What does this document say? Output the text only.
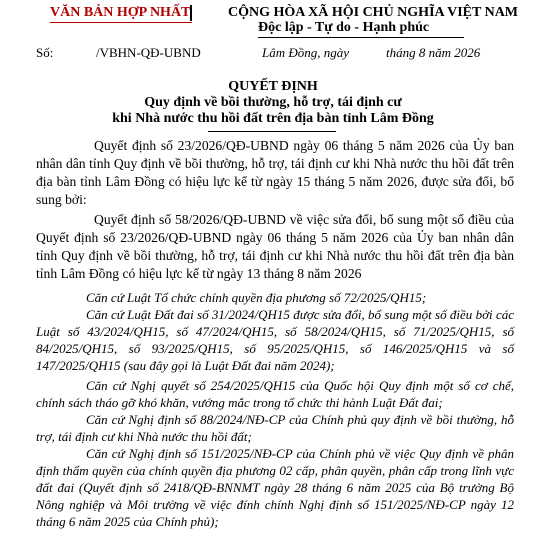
VĂN BẢN HỢP NHẤT	CỘNG HÒA XÃ HỘI CHỦ NGHĨA VIỆT NAM
Độc lập - Tự do - Hạnh phúc
Số:	/VBHN-QĐ-UBND	Lâm Đồng, ngày	tháng 8 năm 2026
QUYẾT ĐỊNH
Quy định về bồi thường, hỗ trợ, tái định cư
khi Nhà nước thu hồi đất trên địa bàn tỉnh Lâm Đồng
Quyết định số 23/2026/QĐ-UBND ngày 06 tháng 5 năm 2026 của Ủy ban nhân dân tỉnh Quy định về bồi thường, hỗ trợ, tái định cư khi Nhà nước thu hồi đất trên địa bàn tỉnh Lâm Đồng có hiệu lực kể từ ngày 15 tháng 5 năm 2026, được sửa đổi, bổ sung bởi:
Quyết định số 58/2026/QĐ-UBND về việc sửa đổi, bổ sung một số điều của Quyết định số 23/2026/QĐ-UBND ngày 06 tháng 5 năm 2026 của Ủy ban nhân dân tỉnh Quy định về bồi thường, hỗ trợ, tái định cư khi Nhà nước thu hồi đất trên địa bàn tỉnh Lâm Đồng có hiệu lực kể từ ngày 13 tháng 8 năm 2026
Căn cứ Luật Tổ chức chính quyền địa phương số 72/2025/QH15;
Căn cứ Luật Đất đai số 31/2024/QH15 được sửa đổi, bổ sung một số điều bởi các Luật số 43/2024/QH15, số 47/2024/QH15, số 58/2024/QH15, số 71/2025/QH15, số 84/2025/QH15, số 93/2025/QH15, số 95/2025/QH15, số 146/2025/QH15 và số 147/2025/QH15 (sau đây gọi là Luật Đất đai năm 2024);
Căn cứ Nghị quyết số 254/2025/QH15 của Quốc hội Quy định một số cơ chế, chính sách tháo gỡ khó khăn, vướng mắc trong tổ chức thi hành Luật Đất đai;
Căn cứ Nghị định số 88/2024/NĐ-CP của Chính phủ quy định về bồi thường, hỗ trợ, tái định cư khi Nhà nước thu hồi đất;
Căn cứ Nghị định số 151/2025/NĐ-CP của Chính phủ về việc Quy định về phân định thẩm quyền của chính quyền địa phương 02 cấp, phân quyền, phân cấp trong lĩnh vực đất đai (Quyết định số 2418/QĐ-BNNMT ngày 28 tháng 6 năm 2025 của Bộ trưởng Bộ Nông nghiệp và Môi trường về việc đính chính Nghị định số 151/2025/NĐ-CP ngày 12 tháng 6 năm 2025 của Chính phủ);
